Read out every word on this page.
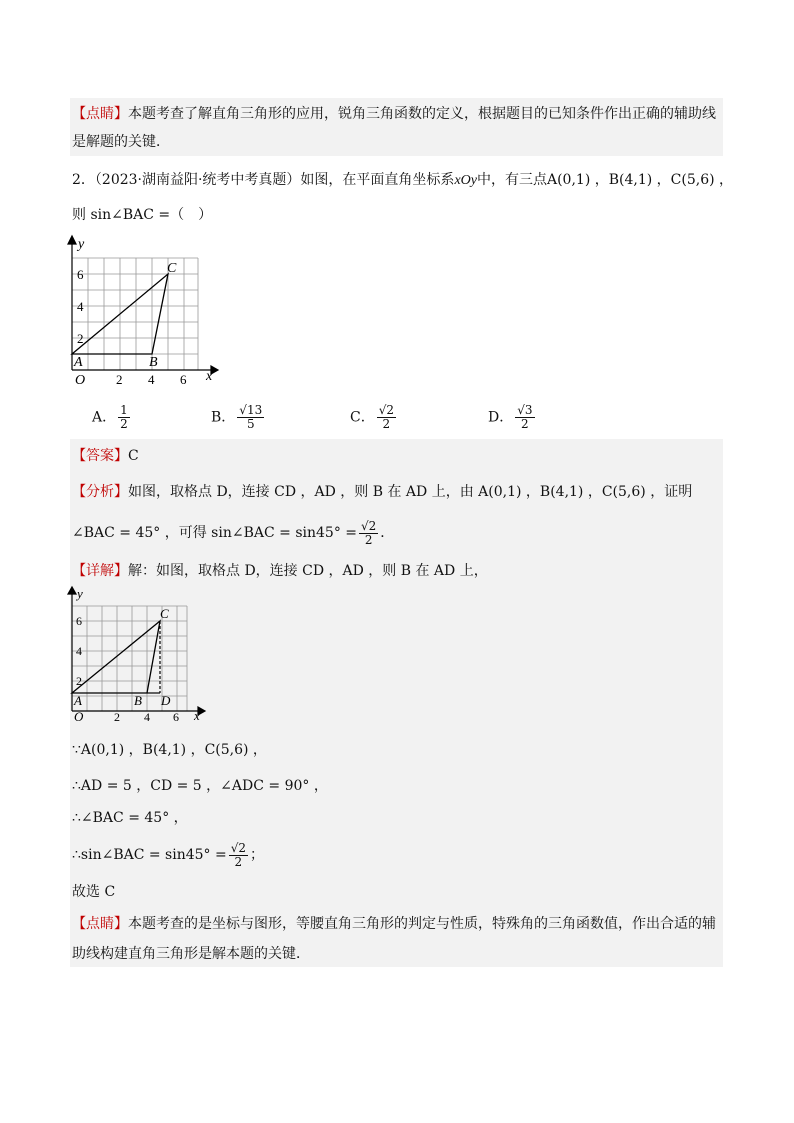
【点睛】本题考查了解直角三角形的应用，锐角三角函数的定义，根据题目的已知条件作出正确的辅助线
是解题的关键．
2．（2023·湖南益阳·统考中考真题）如图，在平面直角坐标系xOy中，有三点A(0,1) ，B(4,1) ，C(5,6) ，
则 sin∠BAC =（　）
y
x
O 2 4 6
2
4
6
A	B
C
A． $\frac{1}{2}$	B． $\frac{√13}{5}$	C． $\frac{√2}{2}$	D． $\frac{√3}{2}$
【答案】C
【分析】如图，取格点 D，连接 CD ，AD ，则 B 在 AD 上，由 A(0,1) ，B(4,1) ，C(5,6) ，证明
∠BAC = 45° ，可得 sin∠BAC = $\sin 45^\circ = \frac{√2}{2}$ ．
【详解】解：如图，取格点 D，连接 CD ，AD ，则 B 在 AD 上，
y
x
O	2 4 6
2
4
6
A	B
C
D
∵A(0,1) ，B(4,1) ，C(5,6) ，
∴AD = 5 ，CD = 5 ，∠ADC = 90° ，
∴∠BAC = 45° ，
∴sin∠BAC = $\sin 45^\circ = \frac{√2}{2}$ ；
故选 C
【点睛】本题考查的是坐标与图形，等腰直角三角形的判定与性质，特殊角的三角函数值，作出合适的辅
助线构建直角三角形是解本题的关键．
